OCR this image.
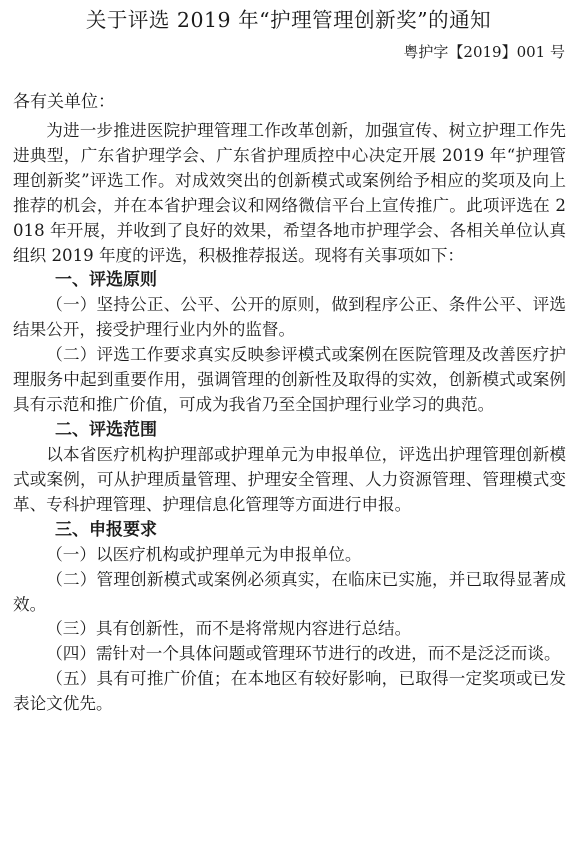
关于评选 2019 年“护理管理创新奖”的通知
粤护字【2019】001 号
各有关单位：

为进一步推进医院护理管理工作改革创新，加强宣传、树立护理工作先进典型，广东省护理学会、广东省护理质控中心决定开展 2019 年“护理管理创新奖”评选工作。对成效突出的创新模式或案例给予相应的奖项及向上推荐的机会，并在本省护理会议和网络微信平台上宣传推广。此项评选在 2018 年开展，并收到了良好的效果，希望各地市护理学会、各相关单位认真组织 2019 年度的评选，积极推荐报送。现将有关事项如下：

一、评选原则

（一）坚持公正、公平、公开的原则，做到程序公正、条件公平、评选结果公开，接受护理行业内外的监督。

（二）评选工作要求真实反映参评模式或案例在医院管理及改善医疗护理服务中起到重要作用，强调管理的创新性及取得的实效，创新模式或案例具有示范和推广价值，可成为我省乃至全国护理行业学习的典范。

二、评选范围

以本省医疗机构护理部或护理单元为申报单位，评选出护理管理创新模式或案例，可从护理质量管理、护理安全管理、人力资源管理、管理模式变革、专科护理管理、护理信息化管理等方面进行申报。

三、申报要求

（一）以医疗机构或护理单元为申报单位。

（二）管理创新模式或案例必须真实，在临床已实施，并已取得显著成效。

（三）具有创新性，而不是将常规内容进行总结。

（四）需针对一个具体问题或管理环节进行的改进，而不是泛泛而谈。

（五）具有可推广价值；在本地区有较好影响，已取得一定奖项或已发表论文优先。
